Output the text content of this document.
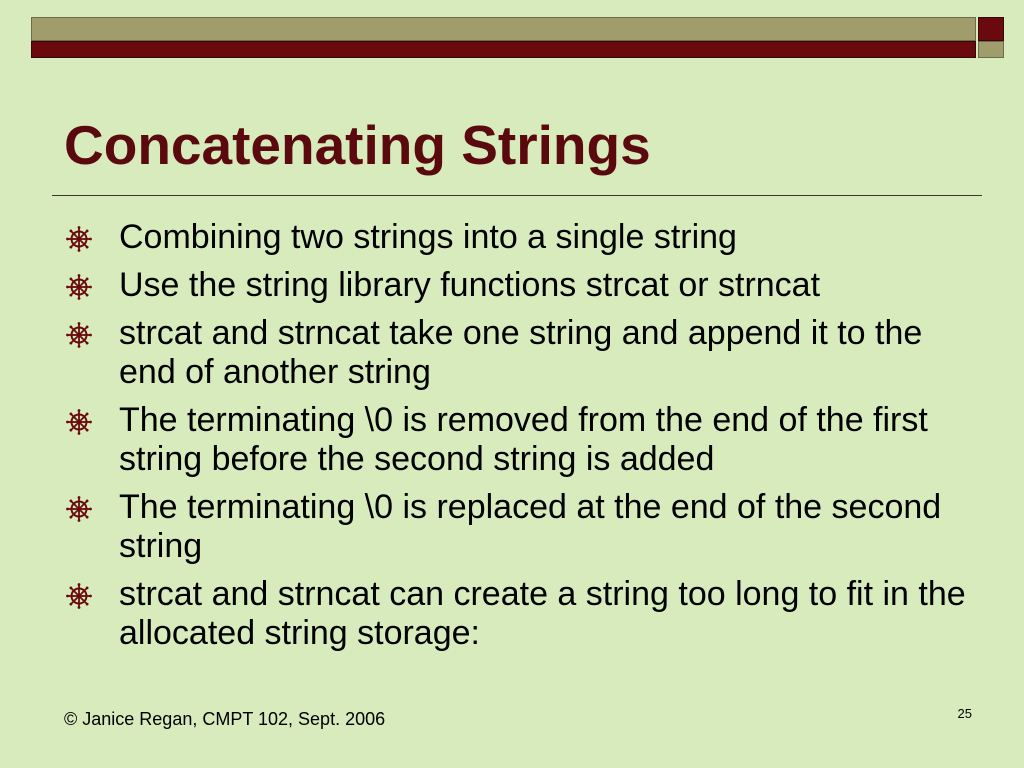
Concatenating Strings
Combining two strings into a single string
Use the string library functions strcat or strncat
strcat and strncat take one string and append it to the end of another string
The terminating \0 is removed from the end of the first string before the second string is added
The terminating \0 is replaced at the end of the second string
strcat and strncat can create a string too long to fit in the allocated string storage:
© Janice Regan, CMPT 102, Sept. 2006	25
